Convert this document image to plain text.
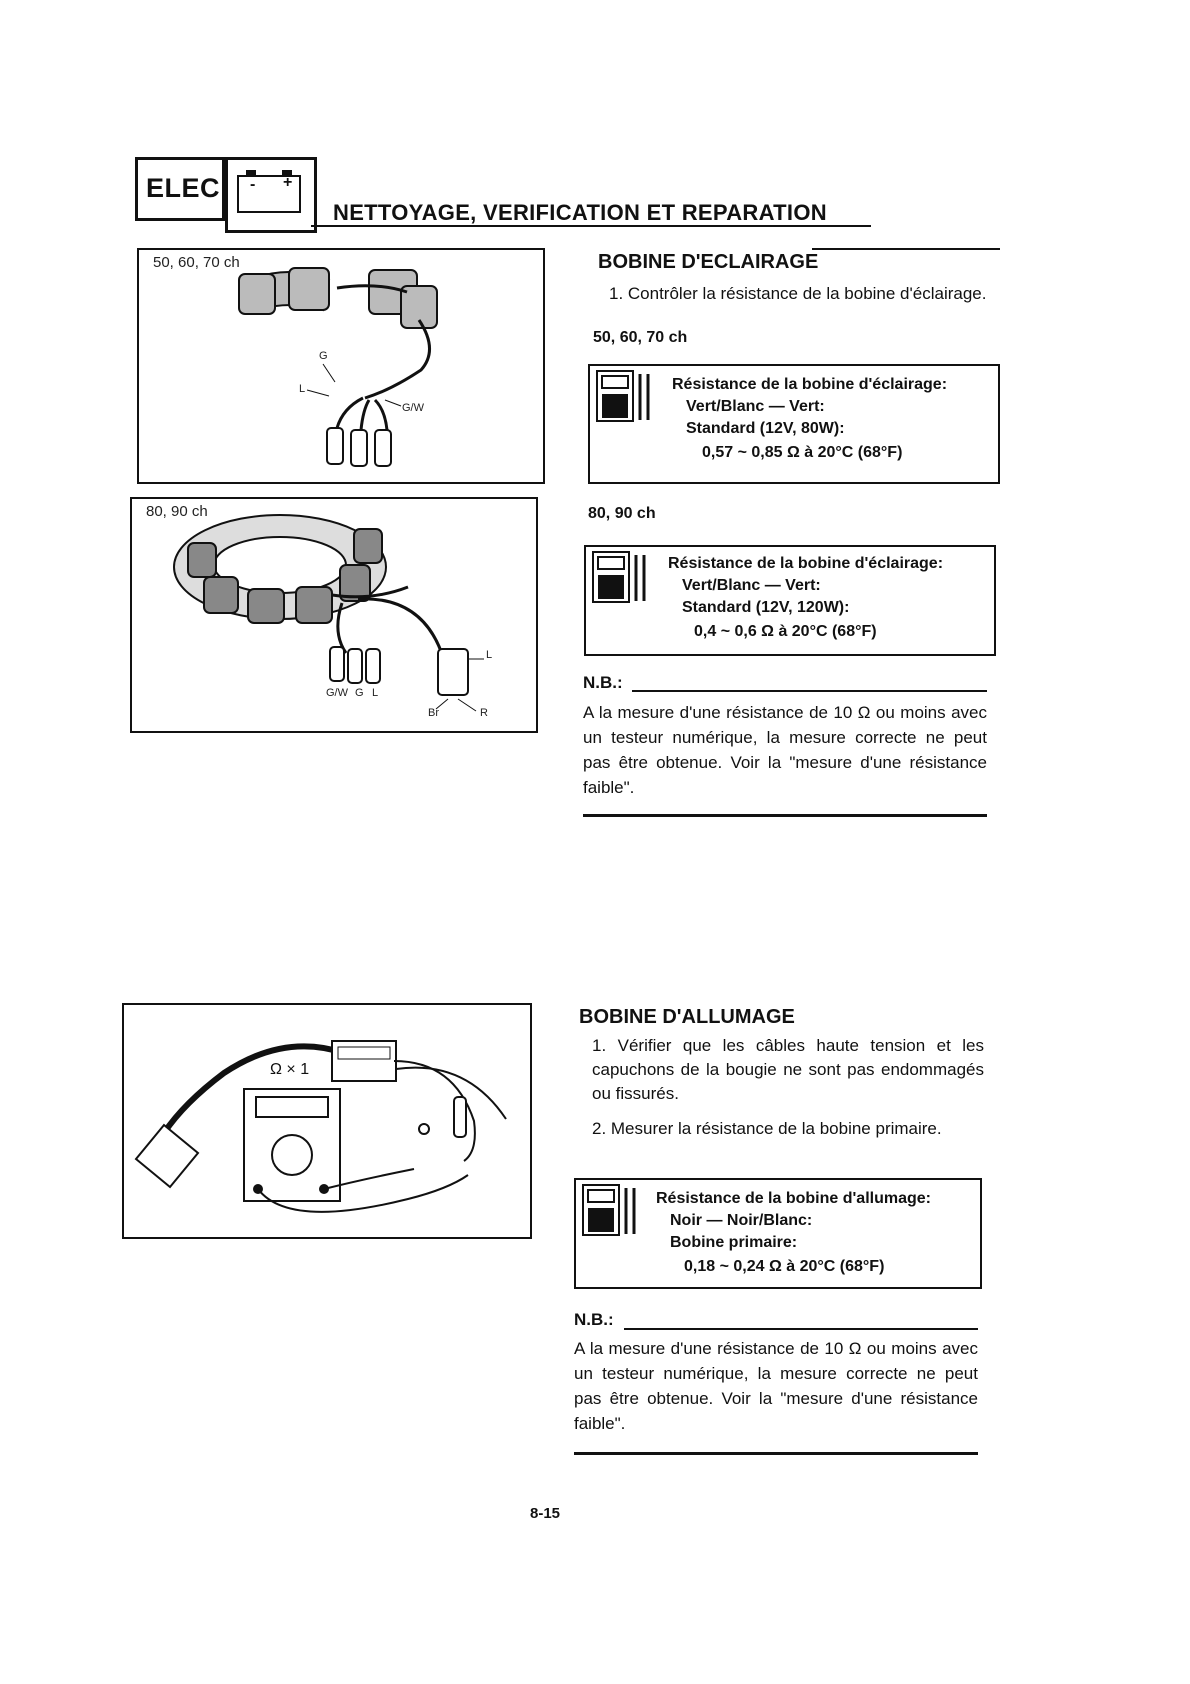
ELEC - +
NETTOYAGE, VERIFICATION ET REPARATION
50, 60, 70 ch
G
L
G/W
80, 90 ch
G/W G L
L
Br	R
Ω × 1
BOBINE D'ECLAIRAGE
1. Contrôler la résistance de la bobine d'éclairage.
50, 60, 70 ch
Résistance de la bobine d'éclairage:
Vert/Blanc — Vert:
Standard (12V, 80W):
0,57 ~ 0,85 Ω à 20°C (68°F)
80, 90 ch
Résistance de la bobine d'éclairage:
Vert/Blanc — Vert:
Standard (12V, 120W):
0,4 ~ 0,6 Ω à 20°C (68°F)
N.B.:
A la mesure d'une résistance de 10 Ω ou moins avec un testeur numérique, la mesure correcte ne peut pas être obtenue. Voir la "mesure d'une résistance faible".
BOBINE D'ALLUMAGE
1. Vérifier que les câbles haute tension et les capuchons de la bougie ne sont pas endommagés ou fissurés.
2. Mesurer la résistance de la bobine primaire.
Résistance de la bobine d'allumage:
Noir — Noir/Blanc:
Bobine primaire:
0,18 ~ 0,24 Ω à 20°C (68°F)
N.B.:
A la mesure d'une résistance de 10 Ω ou moins avec un testeur numérique, la mesure correcte ne peut pas être obtenue. Voir la "mesure d'une résistance faible".
8-15
